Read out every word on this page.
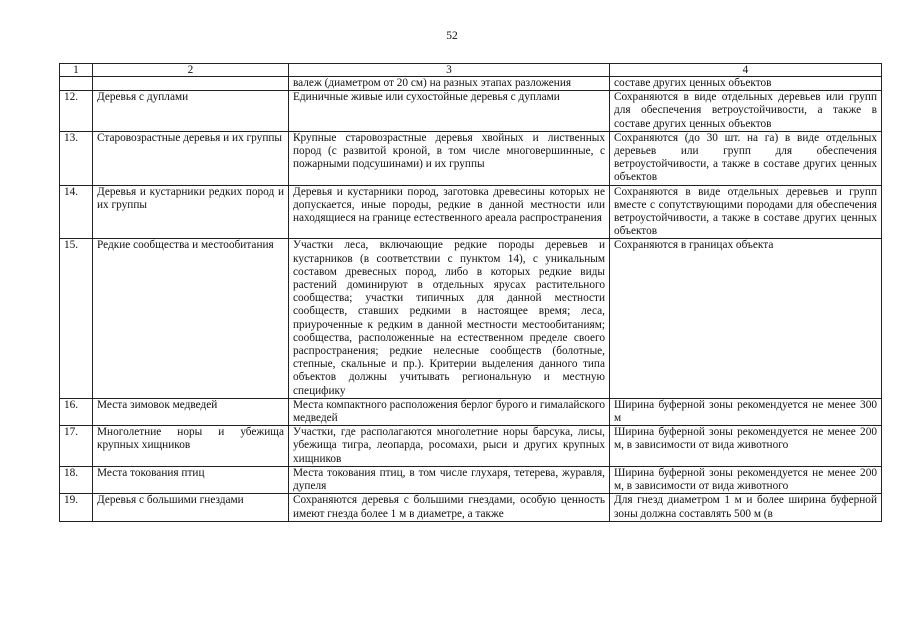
52
1	2	3	4
		валеж (диаметром от 20 см) на разных этапах разложения	составе других ценных объектов
12.	Деревья с дуплами	Единичные живые или сухостойные деревья с дуплами	Сохраняются в виде отдельных деревьев или групп для обеспечения ветроустойчивости, а также в составе других ценных объектов
13.	Старовозрастные деревья и их группы	Крупные старовозрастные деревья хвойных и лиственных пород (с развитой кроной, в том числе многовершинные, с пожарными подсушинами) и их группы	Сохраняются (до 30 шт. на га) в виде отдельных деревьев или групп для обеспечения ветроустойчивости, а также в составе других ценных объектов
14.	Деревья и кустарники редких пород и их группы	Деревья и кустарники пород, заготовка древесины которых не допускается, иные породы, редкие в данной местности или находящиеся на границе естественного ареала распространения	Сохраняются в виде отдельных деревьев и групп вместе с сопутствующими породами для обеспечения ветроустойчивости, а также в составе других ценных объектов
15.	Редкие сообщества и местообитания	Участки леса, включающие редкие породы деревьев и кустарников (в соответствии с пунктом 14), с уникальным составом древесных пород, либо в которых редкие виды растений доминируют в отдельных ярусах растительного сообщества; участки типичных для данной местности сообществ, ставших редкими в настоящее время; леса, приуроченные к редким в данной местности местообитаниям; сообщества, расположенные на естественном пределе своего распространения; редкие нелесные сообществ (болотные, степные, скальные и пр.). Критерии выделения данного типа объектов должны учитывать региональную и местную специфику	Сохраняются в границах объекта
16.	Места зимовок медведей	Места компактного расположения берлог бурого и гималайского медведей	Ширина буферной зоны рекомендуется не менее 300 м
17.	Многолетние норы и убежища крупных хищников	Участки, где располагаются многолетние норы барсука, лисы, убежища тигра, леопарда, росомахи, рыси и других крупных хищников	Ширина буферной зоны рекомендуется не менее 200 м, в зависимости от вида животного
18.	Места токования птиц	Места токования птиц, в том числе глухаря, тетерева, журавля, дупеля	Ширина буферной зоны рекомендуется не менее 200 м, в зависимости от вида животного
19.	Деревья с большими гнездами	Сохраняются деревья с большими гнездами, особую ценность имеют гнезда более 1 м в диаметре, а также	Для гнезд диаметром 1 м и более ширина буферной зоны должна составлять 500 м (в
